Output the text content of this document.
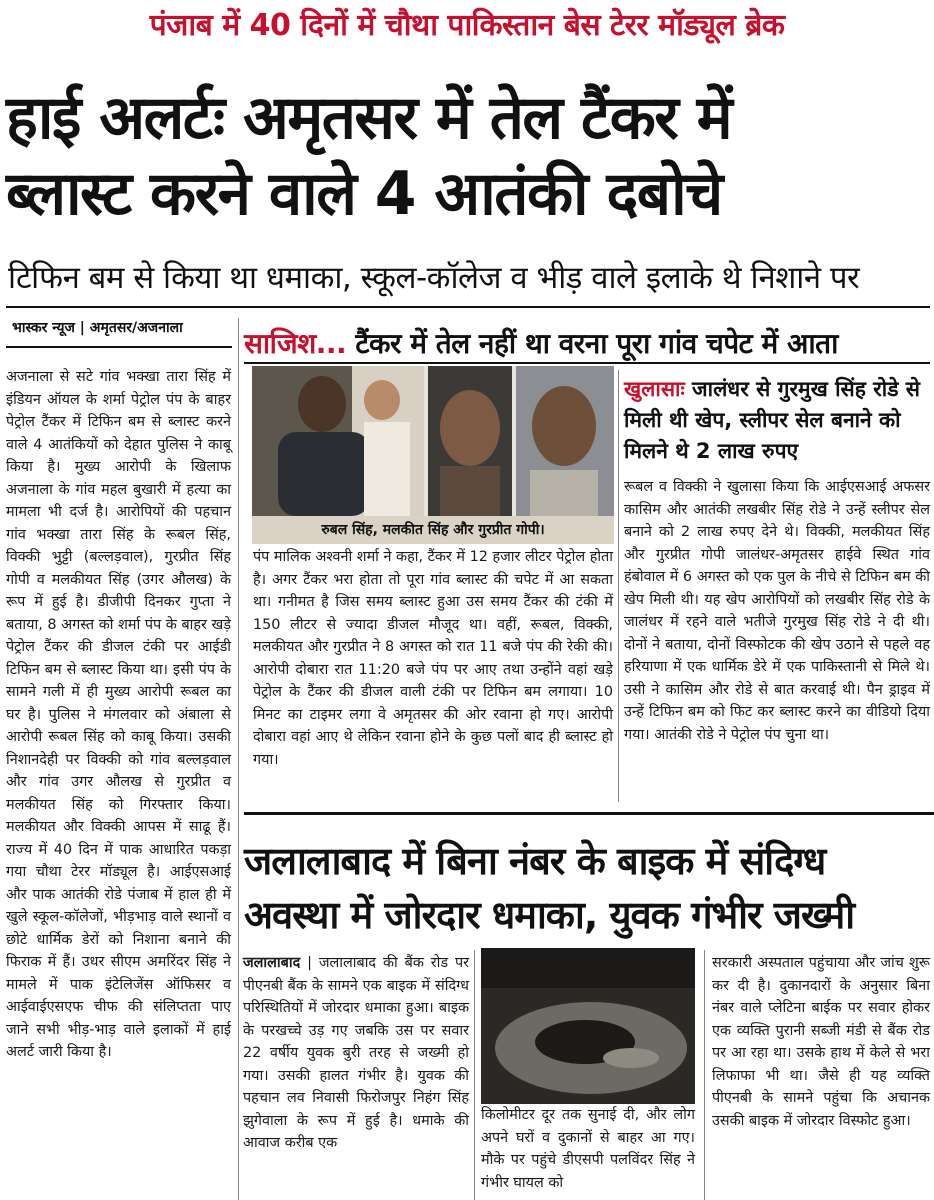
पंजाब में 40 दिनों में चौथा पाकिस्तान बेस टेरर मॉड्यूल ब्रेक
हाई अलर्टः अमृतसर में तेल टैंकर में
ब्लास्ट करने वाले 4 आतंकी दबोचे
टिफिन बम से किया था धमाका, स्कूल-कॉलेज व भीड़ वाले इलाके थे निशाने पर
भास्कर न्यूज | अमृतसर/अजनाला
अजनाला से सटे गांव भक्खा तारा सिंह में इंडियन ऑयल के शर्मा पेट्रोल पंप के बाहर पेट्रोल टैंकर में टिफिन बम से ब्लास्ट करने वाले 4 आतंकियों को देहात पुलिस ने काबू किया है। मुख्य आरोपी के खिलाफ अजनाला के गांव महल बुखारी में हत्या का मामला भी दर्ज है। आरोपियों की पहचान गांव भक्खा तारा सिंह के रूबल सिंह, विक्की भुट्टी (बल्लड़वाल), गुरप्रीत सिंह गोपी व मलकीयत सिंह (उगर औलख) के रूप में हुई है। डीजीपी दिनकर गुप्ता ने बताया, 8 अगस्त को शर्मा पंप के बाहर खड़े पेट्रोल टैंकर की डीजल टंकी पर आईडी टिफिन बम से ब्लास्ट किया था। इसी पंप के सामने गली में ही मुख्य आरोपी रूबल का घर है। पुलिस ने मंगलवार को अंबाला से आरोपी रूबल सिंह को काबू किया। उसकी निशानदेही पर विक्की को गांव बल्लड़वाल और गांव उगर औलख से गुरप्रीत व मलकीयत सिंह को गिरफ्तार किया। मलकीयत और विक्की आपस में साढू हैं। राज्य में 40 दिन में पाक आधारित पकड़ा गया चौथा टेरर मॉड्यूल है। आईएसआई और पाक आतंकी रोडे पंजाब में हाल ही में खुले स्कूल-कॉलेजों, भीड़भाड़ वाले स्थानों व छोटे धार्मिक डेरों को निशाना बनाने की फिराक में हैं। उधर सीएम अमरिंदर सिंह ने मामले में पाक इंटेलिजेंस ऑफिसर व आईवाईएसएफ चीफ की संलिप्तता पाए जाने सभी भीड़-भाड़ वाले इलाकों में हाई अलर्ट जारी किया है।
साजिश... टैंकर में तेल नहीं था वरना पूरा गांव चपेट में आता
रुबल सिंह, मलकीत सिंह और गुरप्रीत गोपी।
पंप मालिक अश्वनी शर्मा ने कहा, टैंकर में 12 हजार लीटर पेट्रोल होता है। अगर टैंकर भरा होता तो पूरा गांव ब्लास्ट की चपेट में आ सकता था। गनीमत है जिस समय ब्लास्ट हुआ उस समय टैंकर की टंकी में 150 लीटर से ज्यादा डीजल मौजूद था। वहीं, रूबल, विक्की, मलकीयत और गुरप्रीत ने 8 अगस्त को रात 11 बजे पंप की रेकी की। आरोपी दोबारा रात 11:20 बजे पंप पर आए तथा उन्होंने वहां खड़े पेट्रोल के टैंकर की डीजल वाली टंकी पर टिफिन बम लगाया। 10 मिनट का टाइमर लगा वे अमृतसर की ओर रवाना हो गए। आरोपी दोबारा वहां आए थे लेकिन रवाना होने के कुछ पलों बाद ही ब्लास्ट हो गया।
खुलासाः जालंधर से गुरमुख सिंह रोडे से मिली थी खेप, स्लीपर सेल बनाने को मिलने थे 2 लाख रुपए
रूबल व विक्की ने खुलासा किया कि आईएसआई अफसर कासिम और आतंकी लखबीर सिंह रोडे ने उन्हें स्लीपर सेल बनाने को 2 लाख रुपए देने थे। विक्की, मलकीयत सिंह और गुरप्रीत गोपी जालंधर-अमृतसर हाईवे स्थित गांव हंबोवाल में 6 अगस्त को एक पुल के नीचे से टिफिन बम की खेप मिली थी। यह खेप आरोपियों को लखबीर सिंह रोडे के जालंधर में रहने वाले भतीजे गुरमुख सिंह रोडे ने दी थी। दोनों ने बताया, दोनों विस्फोटक की खेप उठाने से पहले वह हरियाणा में एक धार्मिक डेरे में एक पाकिस्तानी से मिले थे। उसी ने कासिम और रोडे से बात करवाई थी। पैन ड्राइव में उन्हें टिफिन बम को फिट कर ब्लास्ट करने का वीडियो दिया गया। आतंकी रोडे ने पेट्रोल पंप चुना था।
जलालाबाद में बिना नंबर के बाइक में संदिग्ध
अवस्था में जोरदार धमाका, युवक गंभीर जख्मी
जलालाबाद | जलालाबाद की बैंक रोड पर पीएनबी बैंक के सामने एक बाइक में संदिग्ध परिस्थितियों में जोरदार धमाका हुआ। बाइक के परखच्चे उड़ गए जबकि उस पर सवार 22 वर्षीय युवक बुरी तरह से जख्मी हो गया। उसकी हालत गंभीर है। युवक की पहचान लव निवासी फिरोजपुर निहंग सिंह झुगेवाला के रूप में हुई है। धमाके की आवाज करीब एक
किलोमीटर दूर तक सुनाई दी, और लोग अपने घरों व दुकानों से बाहर आ गए। मौके पर पहुंचे डीएसपी पलविंदर सिंह ने गंभीर घायल को
सरकारी अस्पताल पहुंचाया और जांच शुरू कर दी है। दुकानदारों के अनुसार बिना नंबर वाले प्लेटिना बाईक पर सवार होकर एक व्यक्ति पुरानी सब्जी मंडी से बैंक रोड पर आ रहा था। उसके हाथ में केले से भरा लिफाफा भी था। जैसे ही यह व्यक्ति पीएनबी के सामने पहुंचा कि अचानक उसकी बाइक में जोरदार विस्फोट हुआ।
